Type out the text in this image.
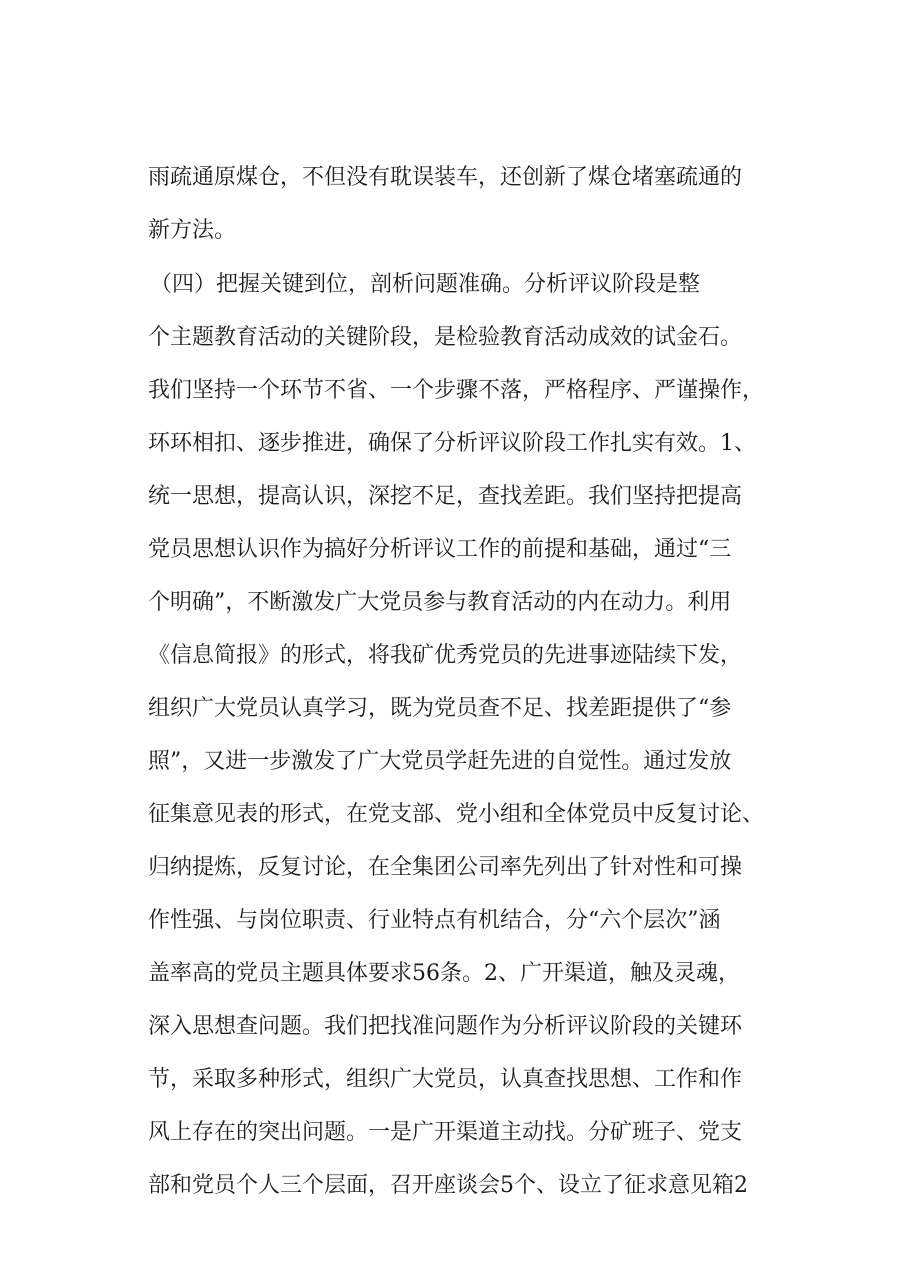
雨疏通原煤仓，不但没有耽误装车，还创新了煤仓堵塞疏通的
新方法。
（四）把握关键到位，剖析问题准确。分析评议阶段是整
个主题教育活动的关键阶段，是检验教育活动成效的试金石。
我们坚持一个环节不省、一个步骤不落，严格程序、严谨操作，
环环相扣、逐步推进，确保了分析评议阶段工作扎实有效。1、
统一思想，提高认识，深挖不足，查找差距。我们坚持把提高
党员思想认识作为搞好分析评议工作的前提和基础，通过“三
个明确”，不断激发广大党员参与教育活动的内在动力。利用
《信息简报》的形式，将我矿优秀党员的先进事迹陆续下发，
组织广大党员认真学习，既为党员查不足、找差距提供了“参
照”，又进一步激发了广大党员学赶先进的自觉性。通过发放
征集意见表的形式，在党支部、党小组和全体党员中反复讨论、
归纳提炼，反复讨论，在全集团公司率先列出了针对性和可操
作性强、与岗位职责、行业特点有机结合，分“六个层次”涵
盖率高的党员主题具体要求56条。2、广开渠道，触及灵魂，
深入思想查问题。我们把找准问题作为分析评议阶段的关键环
节，采取多种形式，组织广大党员，认真查找思想、工作和作
风上存在的突出问题。一是广开渠道主动找。分矿班子、党支
部和党员个人三个层面，召开座谈会5个、设立了征求意见箱2
